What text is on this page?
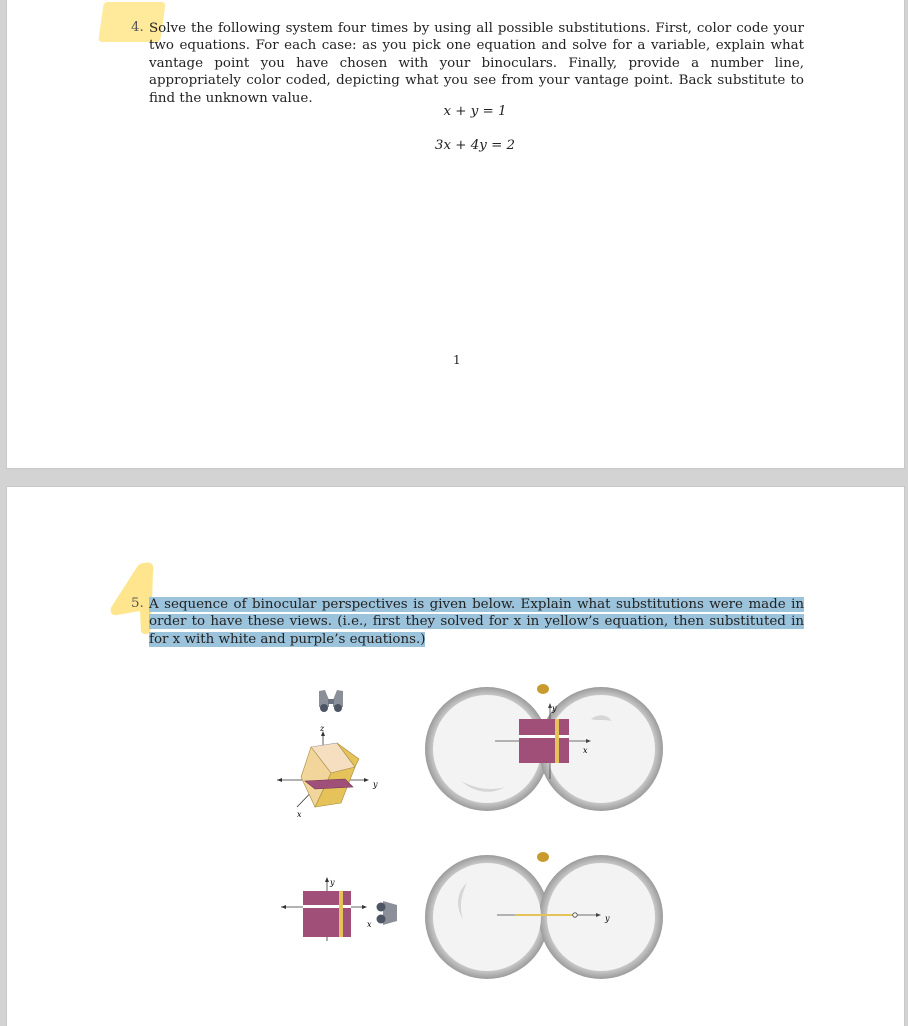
4. Solve the following system four times by using all possible substitutions. First, color code your two equations. For each case: as you pick one equation and solve for a variable, explain what vantage point you have chosen with your binoculars. Finally, provide a number line, appropriately color coded, depicting what you see from your vantage point. Back substitute to find the unknown value.
x + y = 1
3x + 4y = 2
1
5. A sequence of binocular perspectives is given below. Explain what substitutions were made in order to have these views. (i.e., first they solved for x in yellow’s equation, then substituted in for x with white and purple’s equations.)
z
y
x
y
x
y
x
y
